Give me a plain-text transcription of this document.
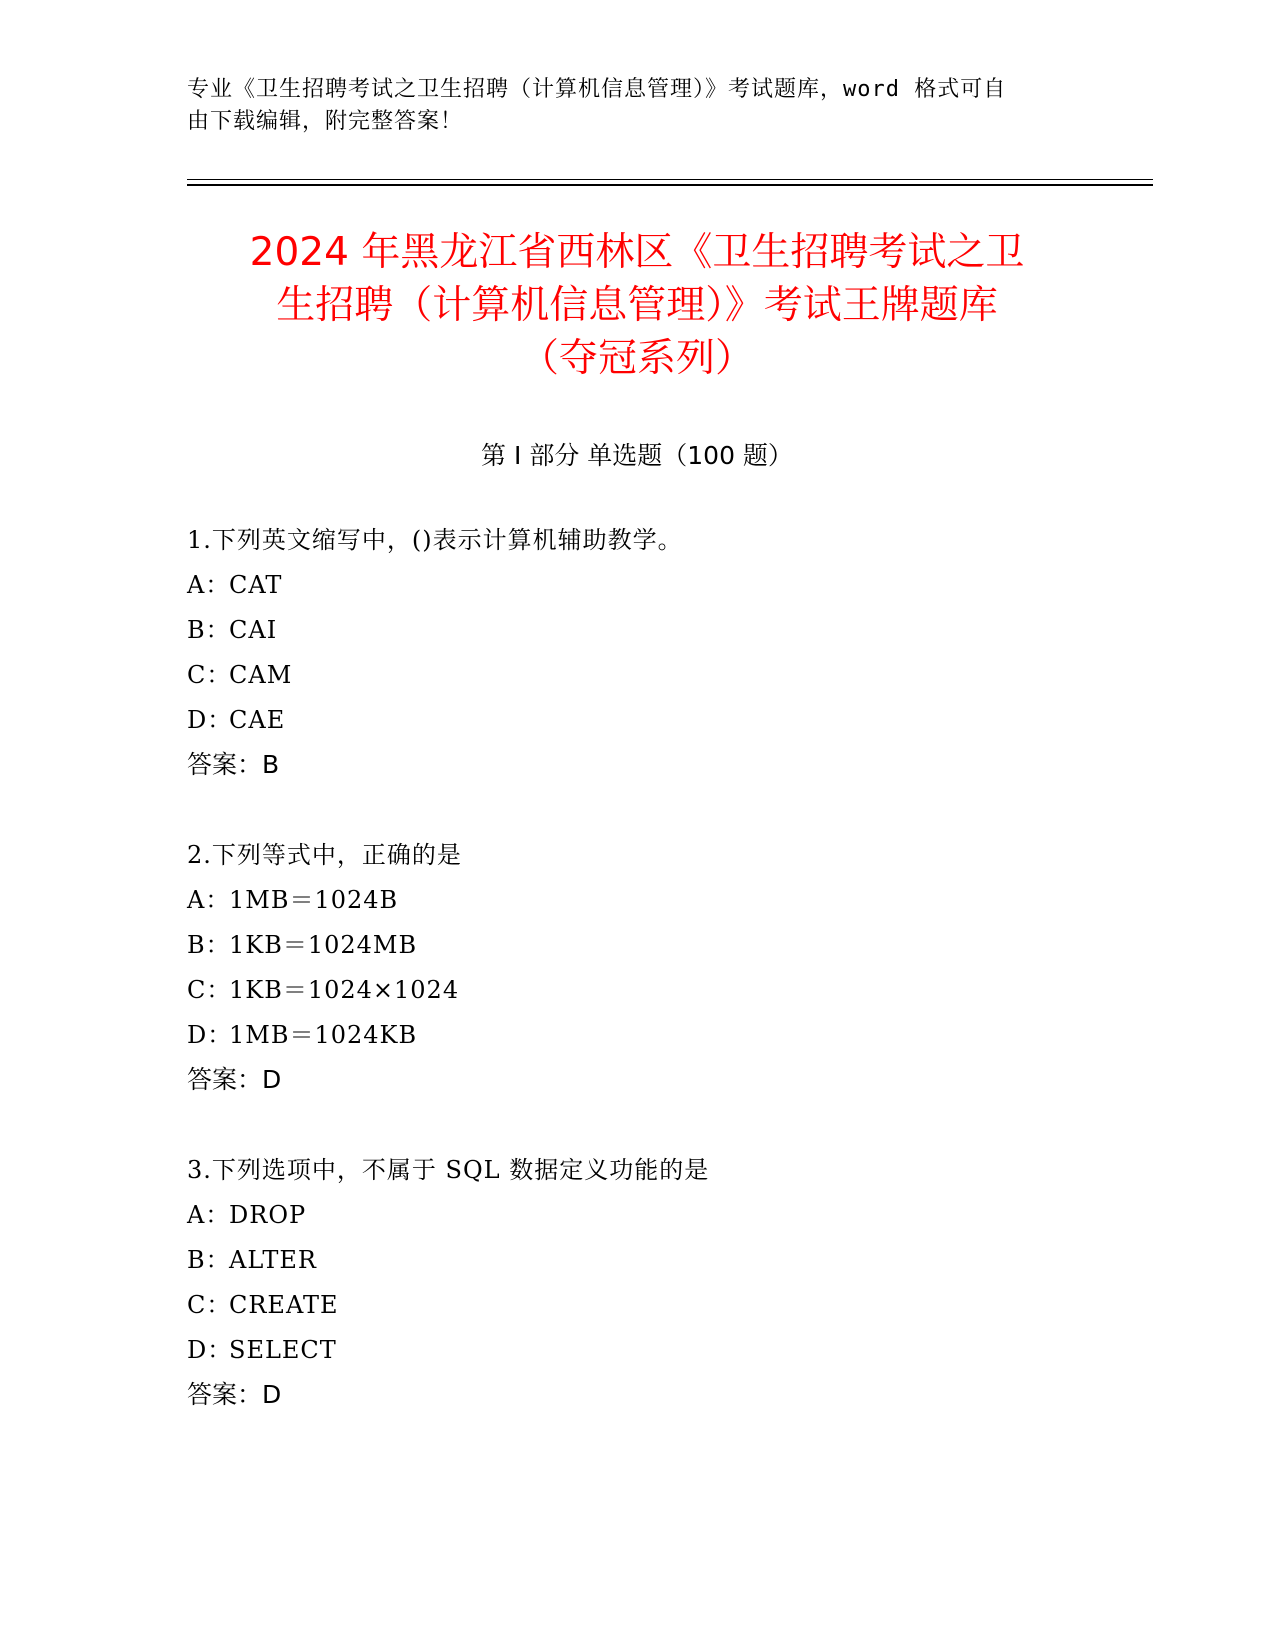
专业《卫生招聘考试之卫生招聘（计算机信息管理）》考试题库，word 格式可自
由下载编辑，附完整答案！
2024 年黑龙江省西林区《卫生招聘考试之卫
生招聘（计算机信息管理）》考试王牌题库
（夺冠系列）
第 I 部分 单选题（100 题）
1.下列英文缩写中，()表示计算机辅助教学。
A：CAT
B：CAI
C：CAM
D：CAE
答案：B
2.下列等式中，正确的是
A：1MB＝1024B
B：1KB＝1024MB
C：1KB＝1024×1024
D：1MB＝1024KB
答案：D
3.下列选项中，不属于 SQL 数据定义功能的是
A：DROP
B：ALTER
C：CREATE
D：SELECT
答案：D
